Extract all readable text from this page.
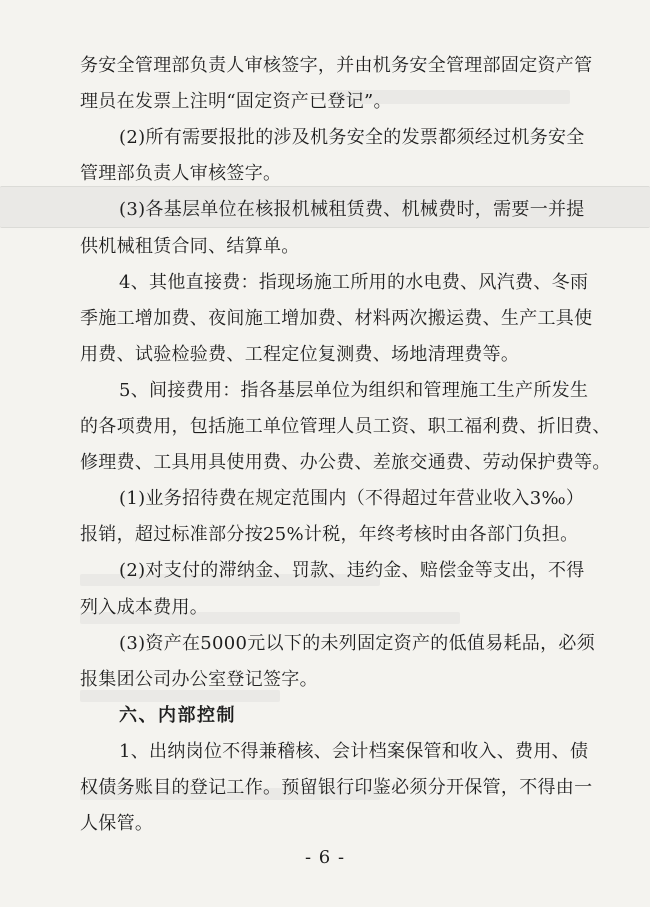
务安全管理部负责人审核签字，并由机务安全管理部固定资产管
理员在发票上注明“固定资产已登记”。
(2)所有需要报批的涉及机务安全的发票都须经过机务安全
管理部负责人审核签字。
(3)各基层单位在核报机械租赁费、机械费时，需要一并提
供机械租赁合同、结算单。
4、其他直接费：指现场施工所用的水电费、风汽费、冬雨
季施工增加费、夜间施工增加费、材料两次搬运费、生产工具使
用费、试验检验费、工程定位复测费、场地清理费等。
5、间接费用：指各基层单位为组织和管理施工生产所发生
的各项费用，包括施工单位管理人员工资、职工福利费、折旧费、
修理费、工具用具使用费、办公费、差旅交通费、劳动保护费等。
(1)业务招待费在规定范围内（不得超过年营业收入3‰）
报销，超过标准部分按25%计税，年终考核时由各部门负担。
(2)对支付的滞纳金、罚款、违约金、赔偿金等支出，不得
列入成本费用。
(3)资产在5000元以下的未列固定资产的低值易耗品，必须
报集团公司办公室登记签字。
六、内部控制
1、出纳岗位不得兼稽核、会计档案保管和收入、费用、债
权债务账目的登记工作。预留银行印鉴必须分开保管，不得由一
人保管。
- 6 -
